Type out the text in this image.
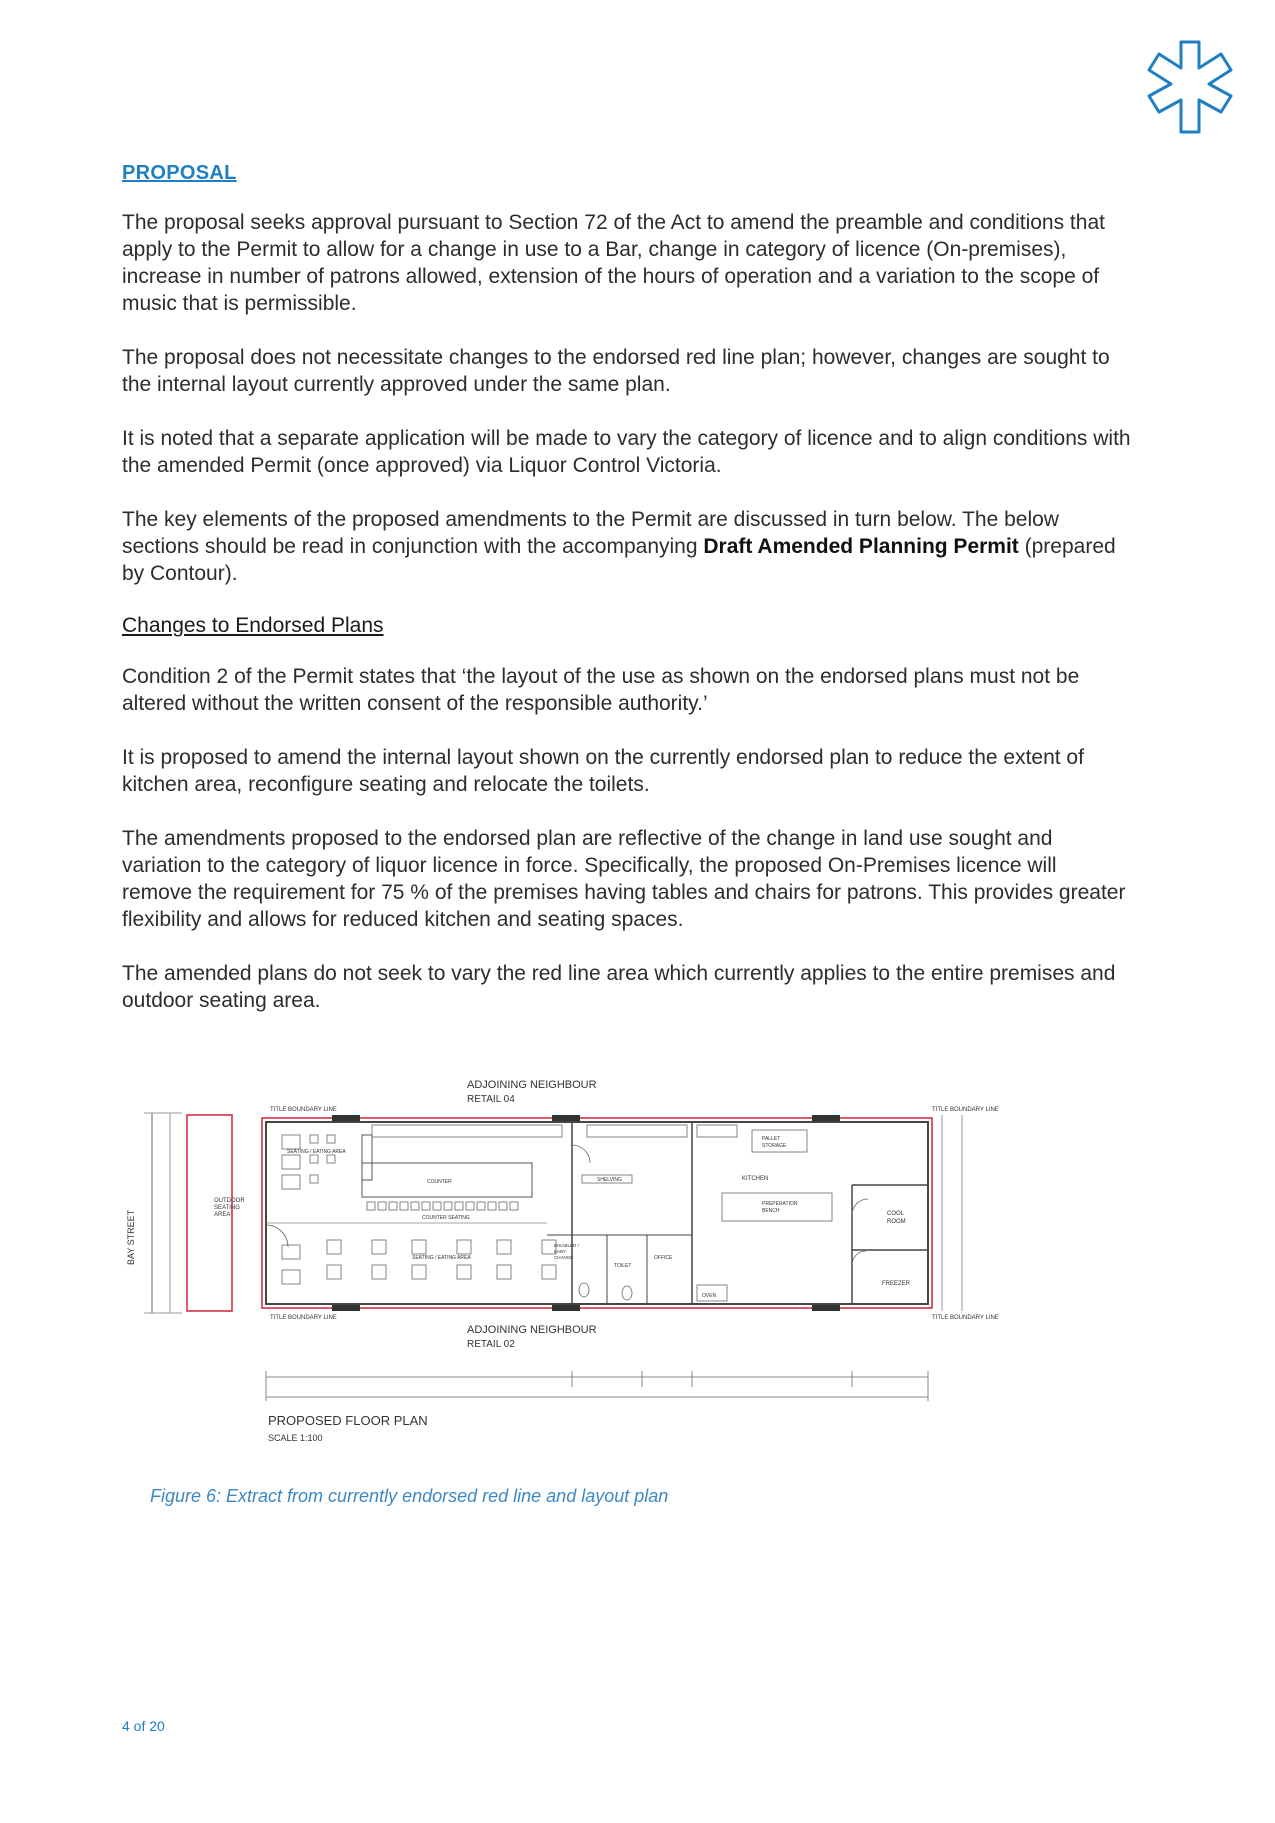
PROPOSAL

The proposal seeks approval pursuant to Section 72 of the Act to amend the preamble and conditions that apply to the Permit to allow for a change in use to a Bar, change in category of licence (On-premises), increase in number of patrons allowed, extension of the hours of operation and a variation to the scope of music that is permissible.

The proposal does not necessitate changes to the endorsed red line plan; however, changes are sought to the internal layout currently approved under the same plan.

It is noted that a separate application will be made to vary the category of licence and to align conditions with the amended Permit (once approved) via Liquor Control Victoria.

The key elements of the proposed amendments to the Permit are discussed in turn below. The below sections should be read in conjunction with the accompanying Draft Amended Planning Permit (prepared by Contour).

Changes to Endorsed Plans

Condition 2 of the Permit states that ‘the layout of the use as shown on the endorsed plans must not be altered without the written consent of the responsible authority.’

It is proposed to amend the internal layout shown on the currently endorsed plan to reduce the extent of kitchen area, reconfigure seating and relocate the toilets.

The amendments proposed to the endorsed plan are reflective of the change in land use sought and variation to the category of liquor licence in force. Specifically, the proposed On-Premises licence will remove the requirement for 75 % of the premises having tables and chairs for patrons. This provides greater flexibility and allows for reduced kitchen and seating spaces.

The amended plans do not seek to vary the red line area which currently applies to the entire premises and outdoor seating area.

ADJOINING NEIGHBOUR
RETAIL 04
TITLE BOUNDARY LINE	TITLE BOUNDARY LINE
BAY STREET
OUTDOOR
SEATING
AREA
COUNTER
COUNTER SEATING
SEATING / EATING AREA
SEATING / EATING AREA
SHELVING	KITCHEN
PREPERATION
BENCH
PALLET
STORAGE
COOL
ROOM
FREEZER
OVEN
DISABLED /
BABY
CHANGE
TOILET
OFFICE
TITLE BOUNDARY LINE	TITLE BOUNDARY LINE
ADJOINING NEIGHBOUR
RETAIL 02
PROPOSED FLOOR PLAN
SCALE 1:100
Figure 6: Extract from currently endorsed red line and layout plan
4 of 20
